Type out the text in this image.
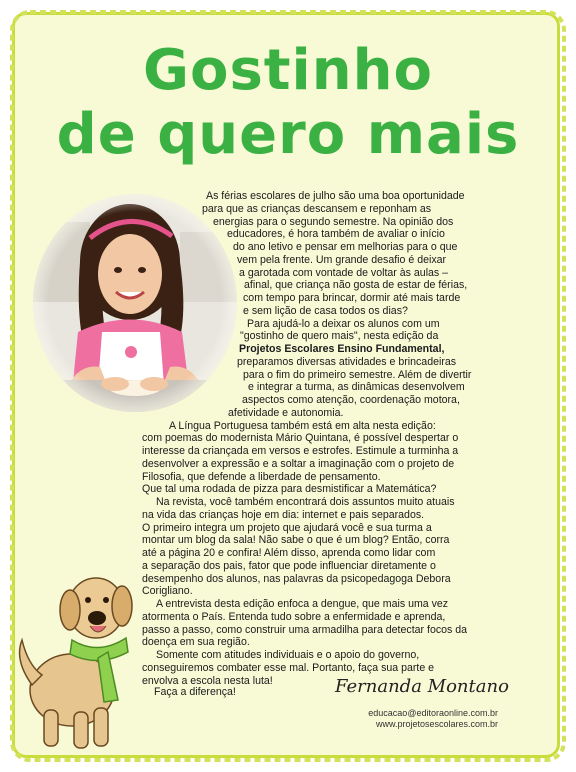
Gostinho
de quero mais
As férias escolares de julho são uma boa oportunidade
para que as crianças descansem e reponham as
energias para o segundo semestre. Na opinião dos
educadores, é hora também de avaliar o início
do ano letivo e pensar em melhorias para o que
vem pela frente. Um grande desafio é deixar
a garotada com vontade de voltar às aulas –
afinal, que criança não gosta de estar de férias,
com tempo para brincar, dormir até mais tarde
e sem lição de casa todos os dias?
Para ajudá-lo a deixar os alunos com um
"gostinho de quero mais", nesta edição da
Projetos Escolares Ensino Fundamental,
preparamos diversas atividades e brincadeiras
para o fim do primeiro semestre. Além de divertir
e integrar a turma, as dinâmicas desenvolvem
aspectos como atenção, coordenação motora,
afetividade e autonomia.
A Língua Portuguesa também está em alta nesta edição:
com poemas do modernista Mário Quintana, é possível despertar o
interesse da criançada em versos e estrofes. Estimule a turminha a
desenvolver a expressão e a soltar a imaginação com o projeto de
Filosofia, que defende a liberdade de pensamento.
Que tal uma rodada de pizza para desmistificar a Matemática?
Na revista, você também encontrará dois assuntos muito atuais
na vida das crianças hoje em dia: internet e pais separados.
O primeiro integra um projeto que ajudará você e sua turma a
montar um blog da sala! Não sabe o que é um blog? Então, corra
até a página 20 e confira! Além disso, aprenda como lidar com
a separação dos pais, fator que pode influenciar diretamente o
desempenho dos alunos, nas palavras da psicopedagoga Debora
Corigliano.
A entrevista desta edição enfoca a dengue, que mais uma vez
atormenta o País. Entenda tudo sobre a enfermidade e aprenda,
passo a passo, como construir uma armadilha para detectar focos da
doença em sua região.
Somente com atitudes individuais e o apoio do governo,
conseguiremos combater esse mal. Portanto, faça sua parte e
envolva a escola nesta luta!
Faça a diferença!	Fernanda Montano
educacao@editoraonline.com.br
www.projetosescolares.com.br
